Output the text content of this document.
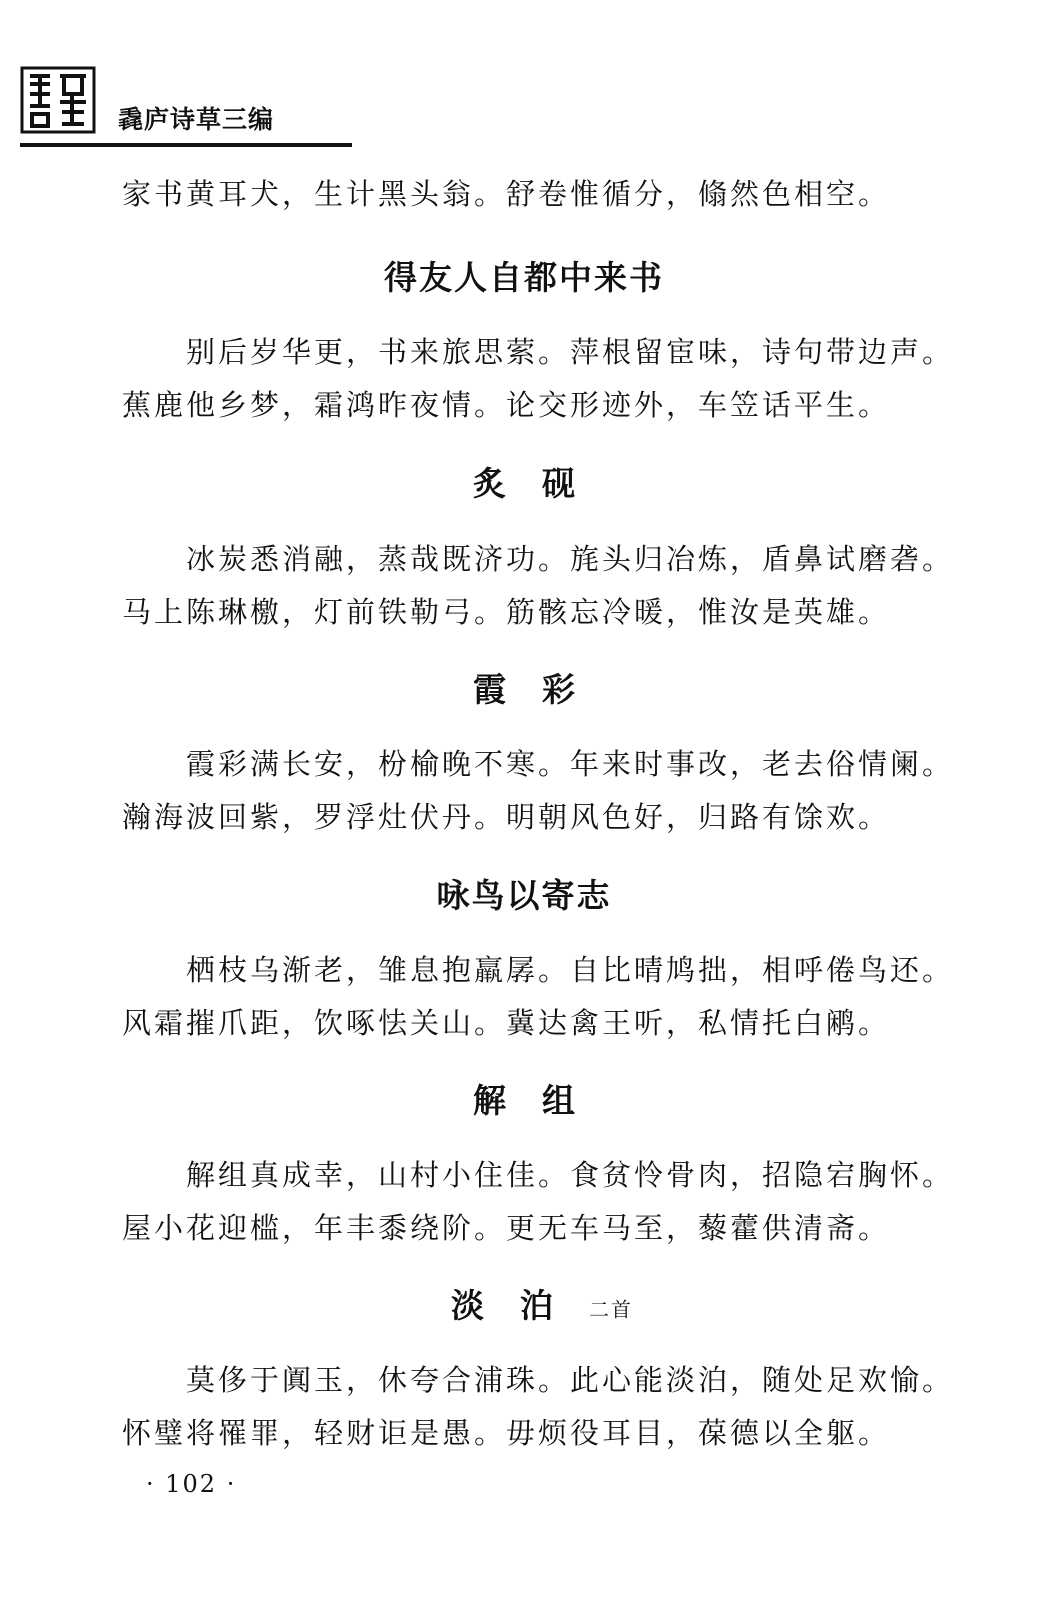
毳庐诗草三编
家书黄耳犬，生计黑头翁。舒卷惟循分，翛然色相空。
得友人自都中来书
别后岁华更，书来旅思萦。萍根留宦味，诗句带边声。
蕉鹿他乡梦，霜鸿昨夜情。论交形迹外，车笠话平生。
炙砚
冰炭悉消融，蒸哉既济功。旄头归冶炼，盾鼻试磨砻。
马上陈琳檄，灯前铁勒弓。筋骸忘冷暖，惟汝是英雄。
霞彩
霞彩满长安，枌榆晚不寒。年来时事改，老去俗情阑。
瀚海波回紫，罗浮灶伏丹。明朝风色好，归路有馀欢。
咏鸟以寄志
栖枝乌渐老，雏息抱羸孱。自比晴鸠拙，相呼倦鸟还。
风霜摧爪距，饮啄怯关山。冀达禽王听，私情托白鹇。
解组
解组真成幸，山村小住佳。食贫怜骨肉，招隐宕胸怀。
屋小花迎槛，年丰黍绕阶。更无车马至，藜藿供清斋。
淡泊二首
莫侈于阗玉，休夸合浦珠。此心能淡泊，随处足欢愉。
怀璧将罹罪，轻财讵是愚。毋烦役耳目，葆德以全躯。
· 102 ·
